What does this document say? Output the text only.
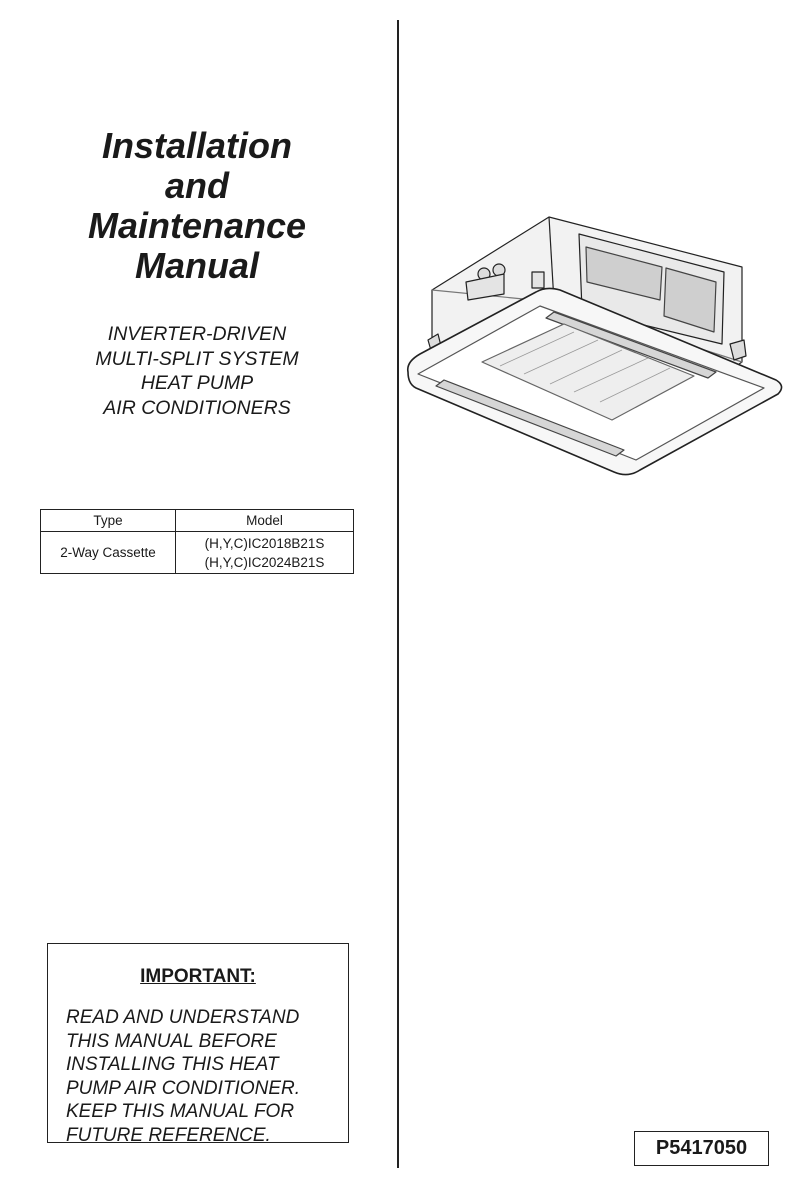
Installation
and
Maintenance
Manual
INVERTER-DRIVEN
MULTI-SPLIT SYSTEM
HEAT PUMP
AIR CONDITIONERS
Type	Model
2-Way Cassette	(H,Y,C)IC2018B21S
(H,Y,C)IC2024B21S
IMPORTANT:
READ AND UNDERSTAND
THIS MANUAL BEFORE
INSTALLING THIS HEAT
PUMP AIR CONDITIONER.
KEEP THIS MANUAL FOR
FUTURE REFERENCE.
P5417050
